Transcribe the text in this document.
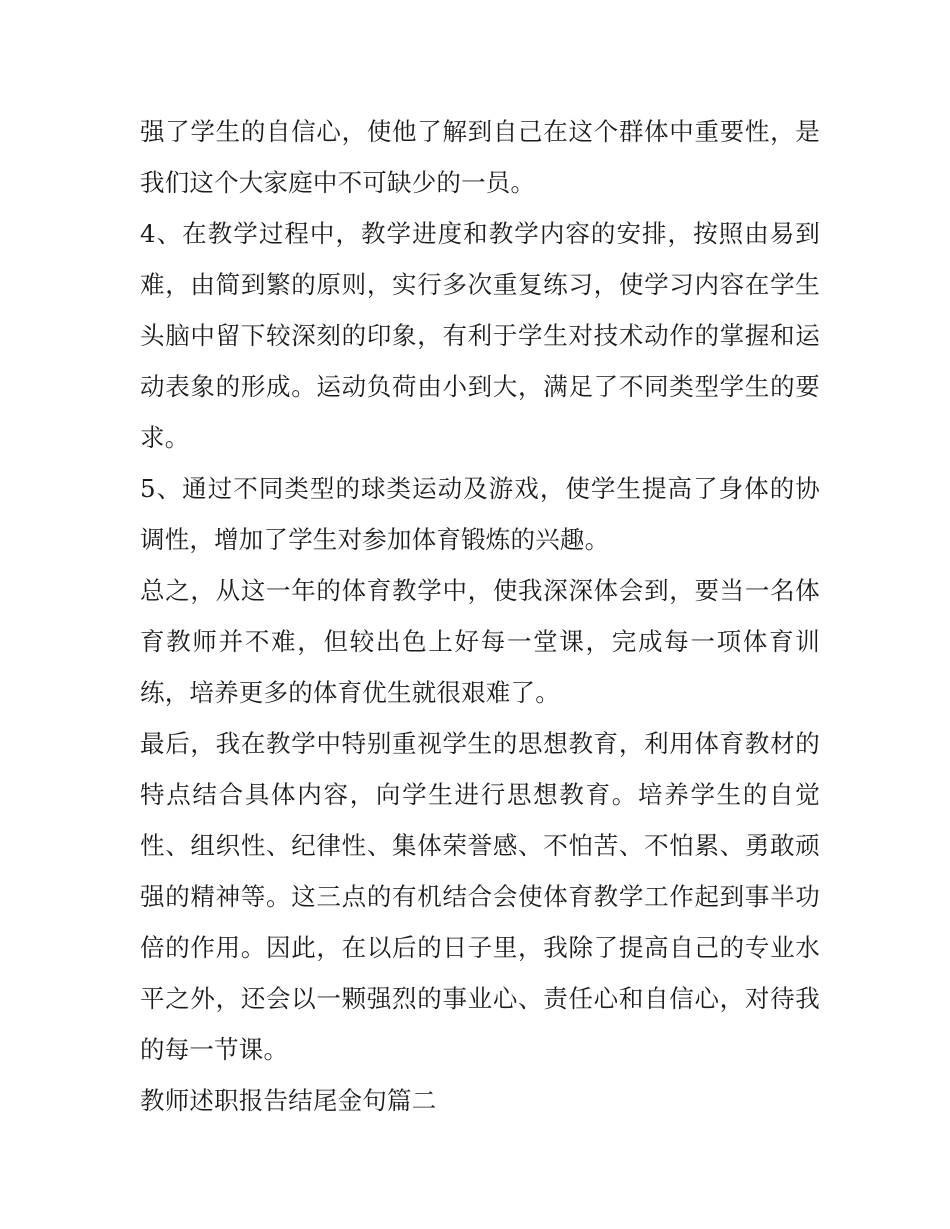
强了学生的自信心，使他了解到自己在这个群体中重要性，是我们这个大家庭中不可缺少的一员。

4、在教学过程中，教学进度和教学内容的安排，按照由易到难，由简到繁的原则，实行多次重复练习，使学习内容在学生头脑中留下较深刻的印象，有利于学生对技术动作的掌握和运动表象的形成。运动负荷由小到大，满足了不同类型学生的要求。

5、通过不同类型的球类运动及游戏，使学生提高了身体的协调性，增加了学生对参加体育锻炼的兴趣。

总之，从这一年的体育教学中，使我深深体会到，要当一名体育教师并不难，但较出色上好每一堂课，完成每一项体育训练，培养更多的体育优生就很艰难了。

最后，我在教学中特别重视学生的思想教育，利用体育教材的特点结合具体内容，向学生进行思想教育。培养学生的自觉性、组织性、纪律性、集体荣誉感、不怕苦、不怕累、勇敢顽强的精神等。这三点的有机结合会使体育教学工作起到事半功倍的作用。因此，在以后的日子里，我除了提高自己的专业水平之外，还会以一颗强烈的事业心、责任心和自信心，对待我的每一节课。

教师述职报告结尾金句篇二
